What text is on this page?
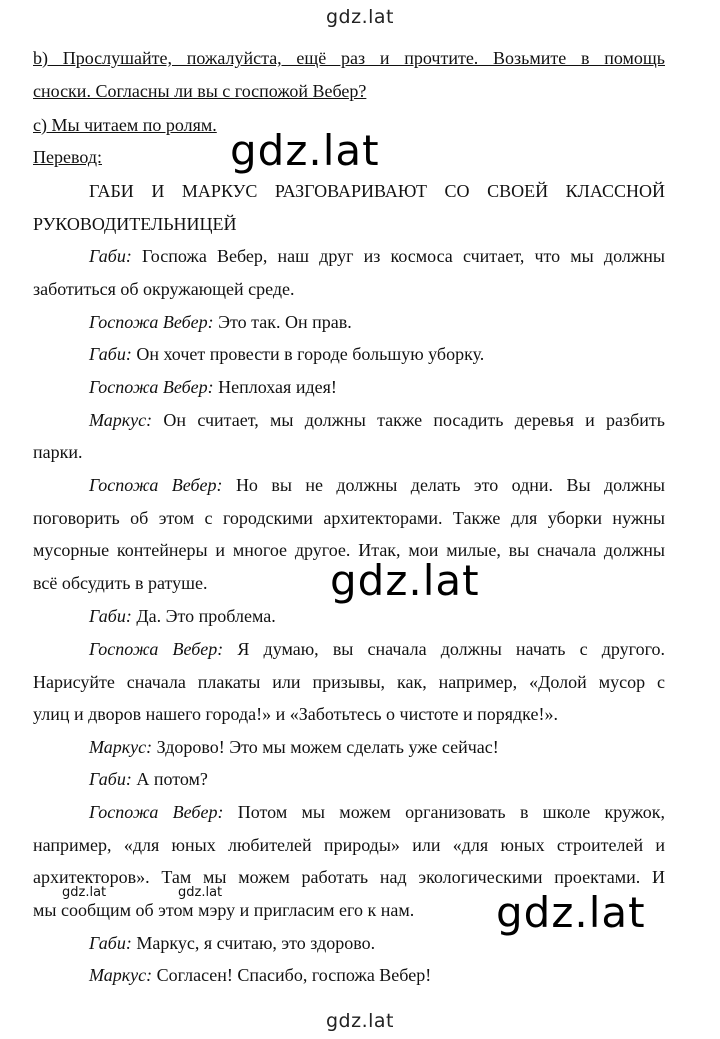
gdz.lat
b) Прослушайте, пожалуйста, ещё раз и прочтите. Возьмите в помощь
сноски. Согласны ли вы с госпожой Вебер?
c) Мы читаем по ролям.
Перевод:
ГАБИ И МАРКУС РАЗГОВАРИВАЮТ СО СВОЕЙ КЛАССНОЙ
РУКОВОДИТЕЛЬНИЦЕЙ
Габи: Госпожа Вебер, наш друг из космоса считает, что мы должны
заботиться об окружающей среде.
Госпожа Вебер: Это так. Он прав.
Габи: Он хочет провести в городе большую уборку.
Госпожа Вебер: Неплохая идея!
Маркус: Он считает, мы должны также посадить деревья и разбить
парки.
Госпожа Вебер: Но вы не должны делать это одни. Вы должны
поговорить об этом с городскими архитекторами. Также для уборки нужны
мусорные контейнеры и многое другое. Итак, мои милые, вы сначала должны
всё обсудить в ратуше.
Габи: Да. Это проблема.
Госпожа Вебер: Я думаю, вы сначала должны начать с другого.
Нарисуйте сначала плакаты или призывы, как, например, «Долой мусор с
улиц и дворов нашего города!» и «Заботьтесь о чистоте и порядке!».
Маркус: Здорово! Это мы можем сделать уже сейчас!
Габи: А потом?
Госпожа Вебер: Потом мы можем организовать в школе кружок,
например, «для юных любителей природы» или «для юных строителей и
архитекторов». Там мы можем работать над экологическими проектами. И
мы сообщим об этом мэру и пригласим его к нам.
Габи: Маркус, я считаю, это здорово.
Маркус: Согласен! Спасибо, госпожа Вебер!
gdz.lat
gdz.lat
gdz.lat
gdz.lat	gdz.lat
gdz.lat
